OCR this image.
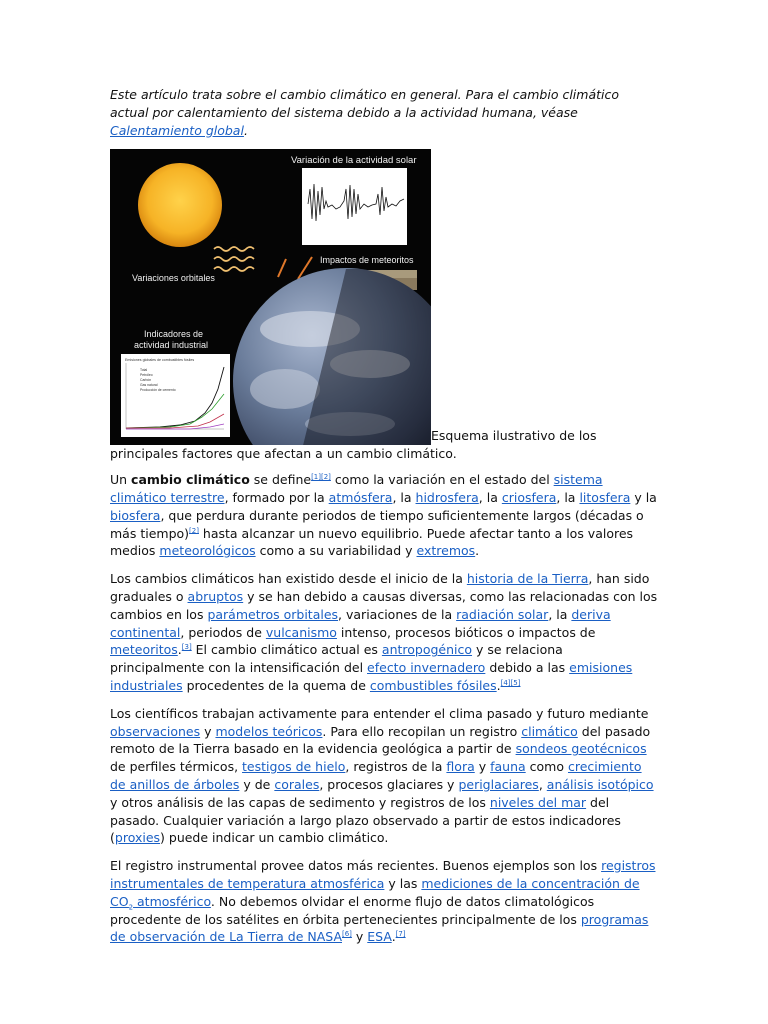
Este artículo trata sobre el cambio climático en general. Para el cambio climático actual por calentamiento del sistema debido a la actividad humana, véase Calentamiento global.

Variación de la actividad solar
Impactos de meteoritos
Variaciones orbitales
Indicadores de
actividad industrial
Emisiones globales de combustibles fósiles
Total
Petróleo
Carbón
Gas natural
Producción de cemento
Esquema ilustrativo de los principales factores que afectan a un cambio climático.

Un cambio climático se define[1][2] como la variación en el estado del sistema climático terrestre, formado por la atmósfera, la hidrosfera, la criosfera, la litosfera y la biosfera, que perdura durante periodos de tiempo suficientemente largos (décadas o más tiempo)[2] hasta alcanzar un nuevo equilibrio. Puede afectar tanto a los valores medios meteorológicos como a su variabilidad y extremos.

Los cambios climáticos han existido desde el inicio de la historia de la Tierra, han sido graduales o abruptos y se han debido a causas diversas, como las relacionadas con los cambios en los parámetros orbitales, variaciones de la radiación solar, la deriva continental, periodos de vulcanismo intenso, procesos bióticos o impactos de meteoritos.[3] El cambio climático actual es antropogénico y se relaciona principalmente con la intensificación del efecto invernadero debido a las emisiones industriales procedentes de la quema de combustibles fósiles.[4][5]

Los científicos trabajan activamente para entender el clima pasado y futuro mediante observaciones y modelos teóricos. Para ello recopilan un registro climático del pasado remoto de la Tierra basado en la evidencia geológica a partir de sondeos geotécnicos de perfiles térmicos, testigos de hielo, registros de la flora y fauna como crecimiento de anillos de árboles y de corales, procesos glaciares y periglaciares, análisis isotópico y otros análisis de las capas de sedimento y registros de los niveles del mar del pasado. Cualquier variación a largo plazo observado a partir de estos indicadores (proxies) puede indicar un cambio climático.

El registro instrumental provee datos más recientes. Buenos ejemplos son los registros instrumentales de temperatura atmosférica y las mediciones de la concentración de $CO_2$ atmosférico. No debemos olvidar el enorme flujo de datos climatológicos procedente de los satélites en órbita pertenecientes principalmente de los programas de observación de La Tierra de NASA[6] y ESA.[7]
